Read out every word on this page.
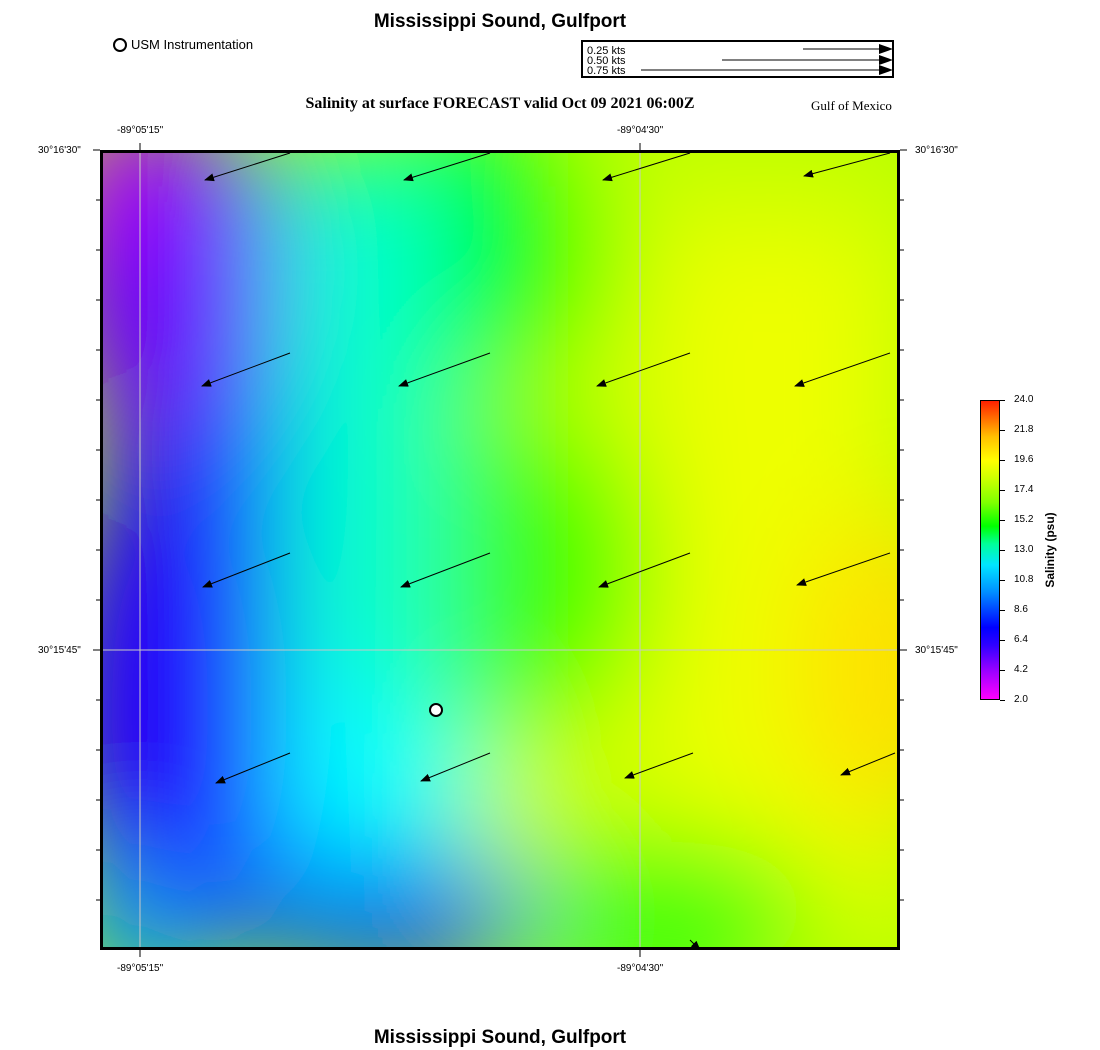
Mississippi Sound, Gulfport
USM Instrumentation	0.25 kts
0.50 kts
0.75 kts
Salinity at surface FORECAST valid Oct 09 2021 06:00Z	Gulf of Mexico
-89°05'15"	-89°04'30"
-89°05'15"	-89°04'30"
30°16'30"
30°15'45"
30°16'30"
30°15'45"
24.0
21.8
19.6
17.4
15.2
13.0
10.8
8.6
6.4
4.2
2.0
Salinity (psu)
Mississippi Sound, Gulfport
